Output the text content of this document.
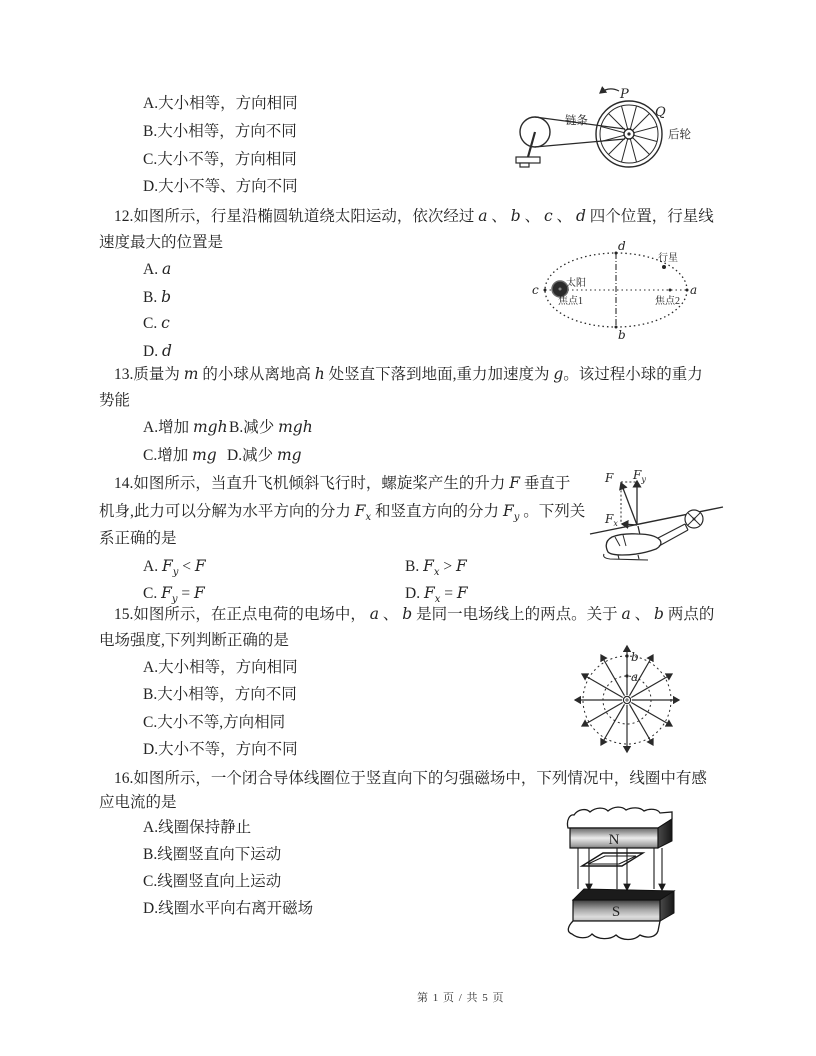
A.大小相等，方向相同
B.大小相等，方向不同
C.大小不等，方向相同
D.大小不等、方向不同
P
Q
链条
后轮
12.如图所示，行星沿椭圆轨道绕太阳运动，依次经过 a 、 b 、 c 、 d 四个位置，行星线
速度最大的位置是
A. a
B. b
C. c
D. d
太阳
焦点1	焦点2
行星
c	a
d
b
13.质量为 m 的小球从离地高 h 处竖直下落到地面,重力加速度为 g。该过程小球的重力
势能
A.增加 mgh B.减少 mgh
C.增加 mg D.减少 mg
14.如图所示，当直升飞机倾斜飞行时，螺旋桨产生的升力 F 垂直于
机身,此力可以分解为水平方向的分力 $F_x$ 和竖直方向的分力 $F_y$ 。下列关
系正确的是
A. $F_y < F$	B. $F_x > F$
C. $F_y = F$	D. $F_x = F$
F $F_y$
$F_x$
15.如图所示，在正点电荷的电场中， a 、 b 是同一电场线上的两点。关于 a 、 b 两点的
电场强度,下列判断正确的是
A.大小相等，方向相同
B.大小相等，方向不同
C.大小不等,方向相同
D.大小不等，方向不同
a
b
16.如图所示，一个闭合导体线圈位于竖直向下的匀强磁场中，下列情况中，线圈中有感
应电流的是
A.线圈保持静止
B.线圈竖直向下运动
C.线圈竖直向上运动
D.线圈水平向右离开磁场
N
S
第 1 页 / 共 5 页
